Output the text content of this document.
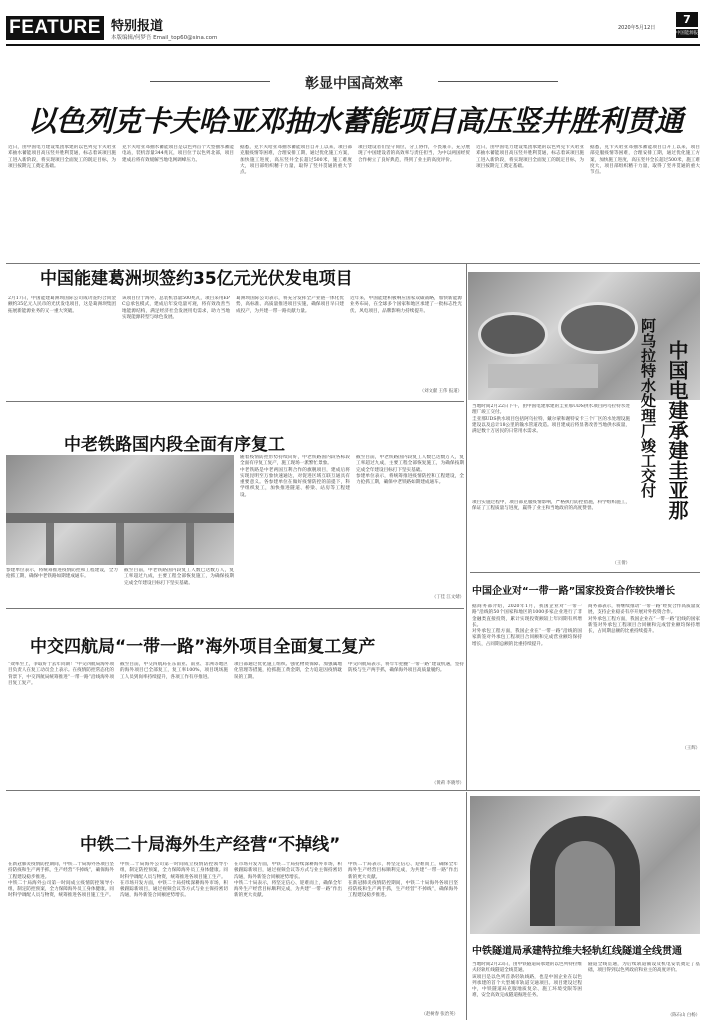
FEATURE 特别报道
本版编辑/何梦吾 Email_top60@sina.com
2020年5月12日
7
中国能源报
彰显中国高效率
以色列克卡夫哈亚邓抽水蓄能项目高压竖井胜利贯通

近日，由中国电力建设集团承建的以色列克卡夫哈亚邓抽水蓄能项目高压竖井胜利贯通，标志着该项目施工进入新阶段，将实现项目全面复工的既定目标，为项目按期完工奠定基础。

克卡夫哈亚邓抽水蓄能项目是以色列首个大型抽水蓄能电站，装机容量344兆瓦，项目位于以色列北部，项目建成后将有效缓解当地电网调峰压力。

据悉，克卡夫哈亚邓抽水蓄能项目自开工以来，项目部克服疫情等困难，合理安排工期，通过优化施工方案，加快施工进度，高压竖井全长超过500米，施工难度大，项目部组织精干力量，取得了竖井贯通的重大节点。

项目建设者们坚守岗位，分工协作，不畏艰辛，充分展现了中国建设者的高效率与责任担当，为中以两国经贸合作树立了良好典范，得到了业主的高度评价。

近日，由中国电力建设集团承建的以色列克卡夫哈亚邓抽水蓄能项目高压竖井胜利贯通，标志着该项目施工进入新阶段，将实现项目全面复工的既定目标，为项目按期完工奠定基础。

据悉，克卡夫哈亚邓抽水蓄能项目自开工以来，项目部克服疫情等困难，合理安排工期，通过优化施工方案，加快施工进度，高压竖井全长超过500米，施工难度大，项目部组织精干力量，取得了竖井贯通的重大节点。

中国能建葛洲坝签约35亿元光伏发电项目

2月17日，中国能建葛洲坝国际公司成功签约合同金额约35亿元人民币的光伏发电项目，这是葛洲坝集团拓展新能源业务的又一重大突破。

该项目位于海外，总装机容量500兆瓦，项目采用EPC总承包模式，建成后年发电量可观，将有效改善当地能源结构，满足经济社会发展用电需求，助力当地实现能源转型与绿色发展。

葛洲坝国际公司表示，将充分发挥全产业链一体化优势，高标准、高质量推进项目实施，确保项目早日建成投产，为共建一带一路贡献力量。

近年来，中国能建积极响应国家双碳战略，加快新能源业务布局，在全球多个国家和地区承建了一批标志性光伏、风电项目，品牌影响力持续提升。

（刘文献 王伟 报道）	中国电建承建圭亚那
阿乌拉特水处理厂竣工交付

当地时间2月22日下午，由中国电建承建的圭亚那UDS供水项目阿乌拉特水处理厂竣工交付。

圭亚那UDS供水项目包括阿乌拉特、戴尔蒙和谢特安卡三个厂区的水处理设施建设以及总计18公里的输水管道改造。项目建成后将显著改善当地供水质量，满足数十万居民的日常用水需求。

项目实施过程中，项目部克服疫情影响，严格执行防控措施，科学组织施工，保证了工程质量与进度，赢得了业主和当地政府的高度赞誉。

（王倩）
中老铁路国内段全面有序复工

随着疫情防控形势持续向好，中老铁路国内段各标段全面有序复工复产，施工现场一派繁忙景象。

中老铁路是中老两国互利合作的旗舰项目，建成后将实现昆明至万象快速通达，对促进区域互联互通具有重要意义。各参建单位在做好疫情防控的前提下，科学组织复工，加快推进隧道、桥梁、站房等工程建设。

截至目前，中老铁路国内段复工人数已达数万人，复工率超过九成，主要工程全部恢复施工，为确保按期完成全年建设目标打下坚实基础。

参建单位表示，将统筹推进疫情防控和工程建设，全力抢抓工期，确保中老铁路如期建成通车。

（丁佳 江文婧）

参建单位表示，将统筹推进疫情防控和工程建设，全力抢抓工期，确保中老铁路如期建成通车。

截至目前，中老铁路国内段复工人数已达数万人，复工率超过九成，主要工程全部恢复施工，为确保按期完成全年建设目标打下坚实基础。

中国企业对“一带一路”国家投资合作较快增长

据商务部介绍，2020年1月，我国企业对“一带一路”沿线的50个国家和地区的1000多家企业进行了非金融类直接投资，累计实现投资额较上年同期有所增长。

对外承包工程方面，我国企业在“一带一路”沿线的国家新签对外承包工程项目合同额和完成营业额均保持增长，占同期总额的比重持续提升。

商务部表示，将继续推动“一带一路”经贸合作高质量发展，支持企业稳妥有序开展对外投资合作。

对外承包工程方面，我国企业在“一带一路”沿线的国家新签对外承包工程项目合同额和完成营业额均保持增长，占同期总额的比重持续提升。

（王辉）
中交四航局“一带一路”海外项目全面复工复产

“效率至上，争取好于去年同期！”中交四航局海外项目负责人在复工动员会上表示。在疫情防控常态化的背景下，中交四航局统筹推进“一带一路”沿线海外项目复工复产。

截至目前，中交四航局在东南亚、南亚、非洲等地区的海外项目已全部复工，复工率100%，项目现场施工人员到岗率持续提升，各项工作有序推进。

项目部通过优化施工组织、强化物资保障、加强属地化管理等措施，抢抓施工黄金期，全力追赶因疫情耽误的工期。

中交四航局表示，将牢牢把握“一带一路”建设机遇，坚持防疫与生产两手抓，确保海外项目高质量履约。

（黄莉 李晓琴）
中铁二十局海外生产经营“不掉线”

在新冠肺炎疫情防控期间，中铁二十局海外各项目坚持防疫和生产两手抓，生产经营“不掉线”，确保海外工程建设稳步推进。

中铁二十局海外公司第一时间成立疫情防控领导小组，制定防控预案，全力保障海外员工身体健康。同时科学调配人员与物资，统筹推进各项目施工生产。

中铁二十局海外公司第一时间成立疫情防控领导小组，制定防控预案，全力保障海外员工身体健康。同时科学调配人员与物资，统筹推进各项目施工生产。

在市场开发方面，中铁二十局持续深耕海外市场，积极跟踪新项目，通过视频会议等方式与业主保持密切沟通，海外新签合同额逆势增长。

在市场开发方面，中铁二十局持续深耕海外市场，积极跟踪新项目，通过视频会议等方式与业主保持密切沟通，海外新签合同额逆势增长。

中铁二十局表示，将坚定信心、迎难而上，确保全年海外生产经营目标顺利完成，为共建“一带一路”作出新的更大贡献。

中铁二十局表示，将坚定信心、迎难而上，确保全年海外生产经营目标顺利完成，为共建“一带一路”作出新的更大贡献。

在新冠肺炎疫情防控期间，中铁二十局海外各项目坚持防疫和生产两手抓，生产经营“不掉线”，确保海外工程建设稳步推进。

（赵树春 张治英）
中铁隧道局承建特拉维夫轻轨红线隧道全线贯通

当地时间2月23日，由中铁隧道局承建的以色列特拉维夫轻轨红线隧道全线贯通。

该项目是以色列首条轻轨线路，也是中国企业在以色列承建的首个大型城市轨道交通项目。项目建设过程中，中铁隧道局克服地质复杂、施工环境受限等困难，安全高效完成隧道掘进任务。

隧道全线贯通，为后续轨道铺设及机电安装奠定了基础，项目得到以色列政府和业主的高度评价。

（陈石山 白杨）
